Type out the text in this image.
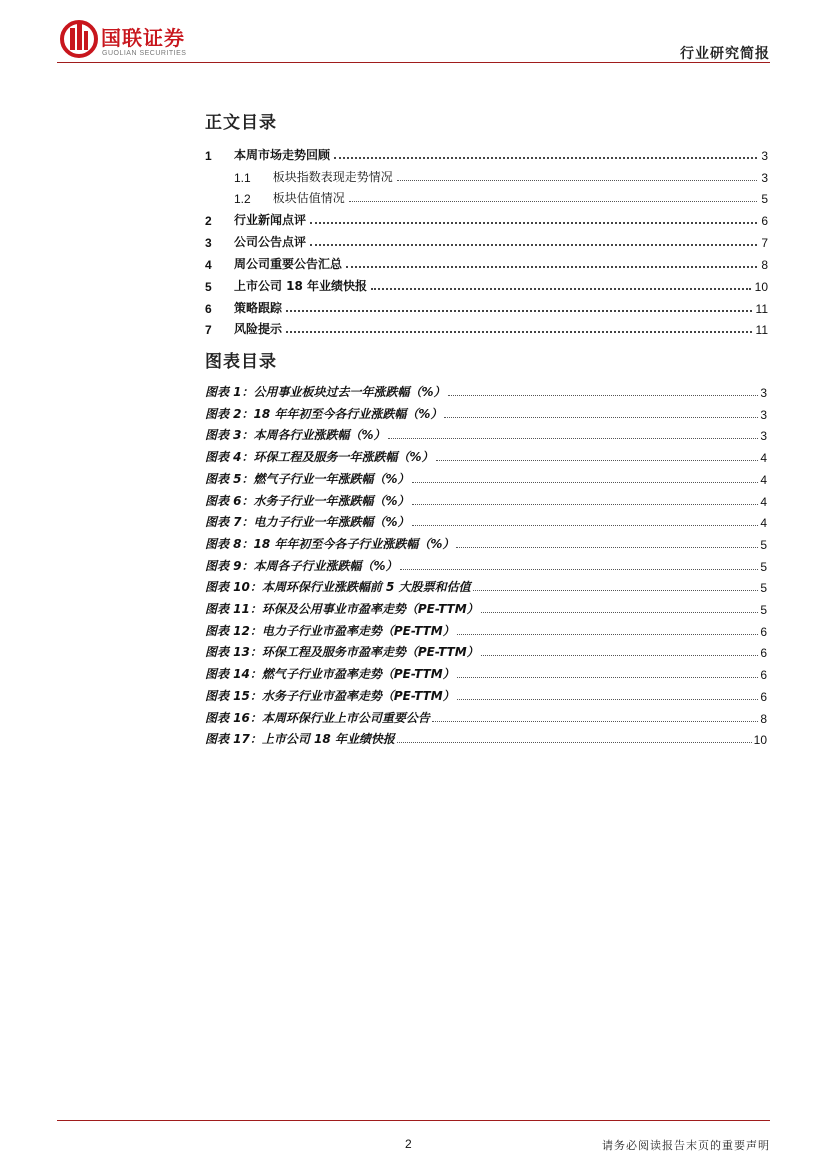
国联证券
GUOLIAN SECURITIES	行业研究简报
正文目录
图表目录
2	请务必阅读报告末页的重要声明
1	本周市场走势回顾	3
1.1	板块指数表现走势情况	3
1.2	板块估值情况	5
2	行业新闻点评	6
3	公司公告点评	7
4	周公司重要公告汇总	8
5	上市公司 18 年业绩快报	10
6	策略跟踪	11
7	风险提示	11
图表 1：公用事业板块过去一年涨跌幅（%）	3
图表 2：18 年年初至今各行业涨跌幅（%）	3
图表 3：本周各行业涨跌幅（%）	3
图表 4：环保工程及服务一年涨跌幅（%）	4
图表 5：燃气子行业一年涨跌幅（%）	4
图表 6：水务子行业一年涨跌幅（%）	4
图表 7：电力子行业一年涨跌幅（%）	4
图表 8：18 年年初至今各子行业涨跌幅（%）	5
图表 9：本周各子行业涨跌幅（%）	5
图表 10：本周环保行业涨跌幅前 5 大股票和估值	5
图表 11：环保及公用事业市盈率走势（PE-TTM）	5
图表 12：电力子行业市盈率走势（PE-TTM）	6
图表 13：环保工程及服务市盈率走势（PE-TTM）	6
图表 14：燃气子行业市盈率走势（PE-TTM）	6
图表 15：水务子行业市盈率走势（PE-TTM）	6
图表 16：本周环保行业上市公司重要公告	8
图表 17：上市公司 18 年业绩快报	10
